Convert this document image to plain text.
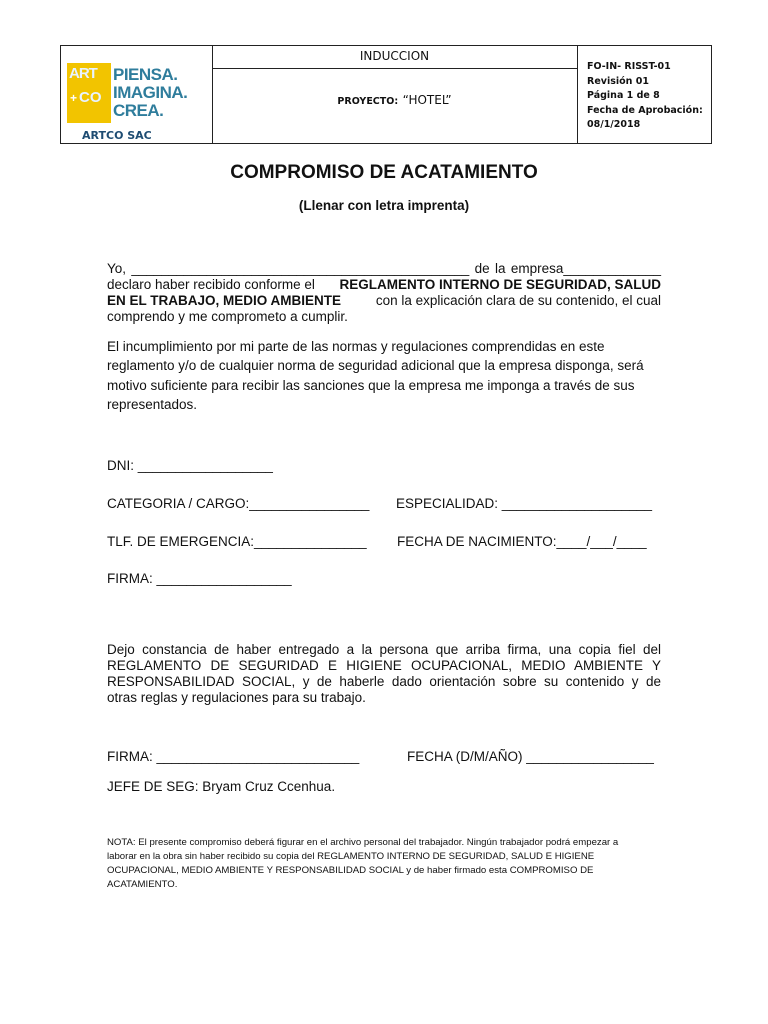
ART
+ CO
PIENSA.
IMAGINA.
CREA.
ARTCO SAC
INDUCCION
PROYECTO: “HOTEL”
FO-IN- RISST-01
Revisión 01
Página 1 de 8
Fecha de Aprobación:
08/1/2018
COMPROMISO DE ACATAMIENTO
(Llenar con letra imprenta)
Yo, _____________________________________________ de la empresa_____________
declaro haber recibido conforme el REGLAMENTO INTERNO DE SEGURIDAD, SALUD
EN EL TRABAJO, MEDIO AMBIENTE	con la explicación clara de su contenido, el cual
comprendo y me comprometo a cumplir.
El incumplimiento por mi parte de las normas y regulaciones comprendidas en este
reglamento y/o de cualquier norma de seguridad adicional que la empresa disponga, será
motivo suficiente para recibir las sanciones que la empresa me imponga a través de sus
representados.
DNI: __________________
CATEGORIA / CARGO:________________ ESPECIALIDAD: ____________________
TLF. DE EMERGENCIA:_______________ FECHA DE NACIMIENTO:____/___/____
FIRMA: __________________
Dejo constancia de haber entregado a la persona que arriba firma, una copia fiel del
REGLAMENTO DE SEGURIDAD E HIGIENE OCUPACIONAL, MEDIO AMBIENTE Y
RESPONSABILIDAD SOCIAL, y de haberle dado orientación sobre su contenido y de
otras reglas y regulaciones para su trabajo.
FIRMA: ___________________________	FECHA (D/M/AÑO) _________________
JEFE DE SEG: Bryam Cruz Ccenhua.
NOTA: El presente compromiso deberá figurar en el archivo personal del trabajador. Ningún trabajador podrá empezar a
laborar en la obra sin haber recibido su copia del REGLAMENTO INTERNO DE SEGURIDAD, SALUD E HIGIENE
OCUPACIONAL, MEDIO AMBIENTE Y RESPONSABILIDAD SOCIAL y de haber firmado esta COMPROMISO DE
ACATAMIENTO.
